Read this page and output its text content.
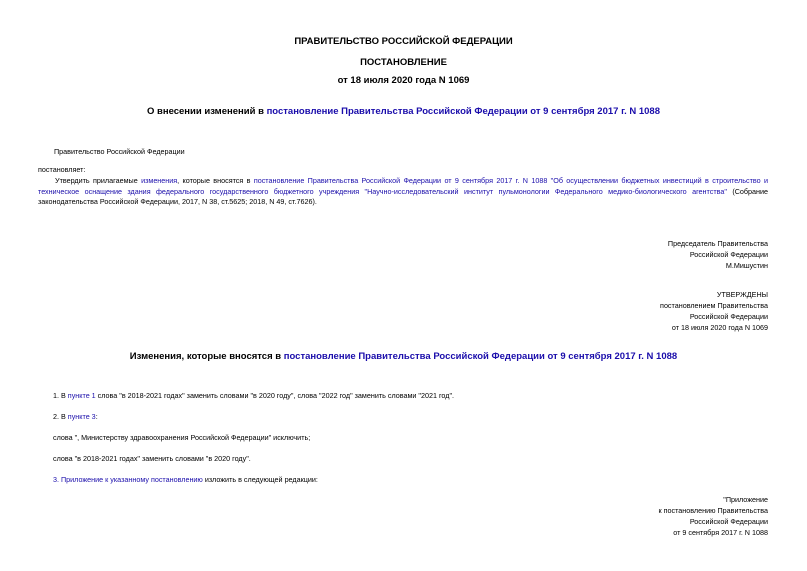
ПРАВИТЕЛЬСТВО РОССИЙСКОЙ ФЕДЕРАЦИИ
ПОСТАНОВЛЕНИЕ
от 18 июля 2020 года N 1069
О внесении изменений в постановление Правительства Российской Федерации от 9 сентября 2017 г. N 1088
Правительство Российской Федерации
постановляет:
Утвердить прилагаемые изменения, которые вносятся в постановление Правительства Российской Федерации от 9 сентября 2017 г. N 1088 "Об осуществлении бюджетных инвестиций в строительство и техническое оснащение здания федерального государственного бюджетного учреждения "Научно-исследовательский институт пульмонологии Федерального медико-биологического агентства" (Собрание законодательства Российской Федерации, 2017, N 38, ст.5625; 2018, N 49, ст.7626).
Председатель Правительства
Российской Федерации
М.Мишустин
УТВЕРЖДЕНЫ
постановлением Правительства
Российской Федерации
от 18 июля 2020 года N 1069
Изменения, которые вносятся в постановление Правительства Российской Федерации от 9 сентября 2017 г. N 1088
1. В пункте 1 слова "в 2018-2021 годах" заменить словами "в 2020 году", слова "2022 год" заменить словами "2021 год".
2. В пункте 3:
слова ", Министерству здравоохранения Российской Федерации" исключить;
слова "в 2018-2021 годах" заменить словами "в 2020 году".
3. Приложение к указанному постановлению изложить в следующей редакции:
"Приложение
к постановлению Правительства
Российской Федерации
от 9 сентября 2017 г. N 1088
